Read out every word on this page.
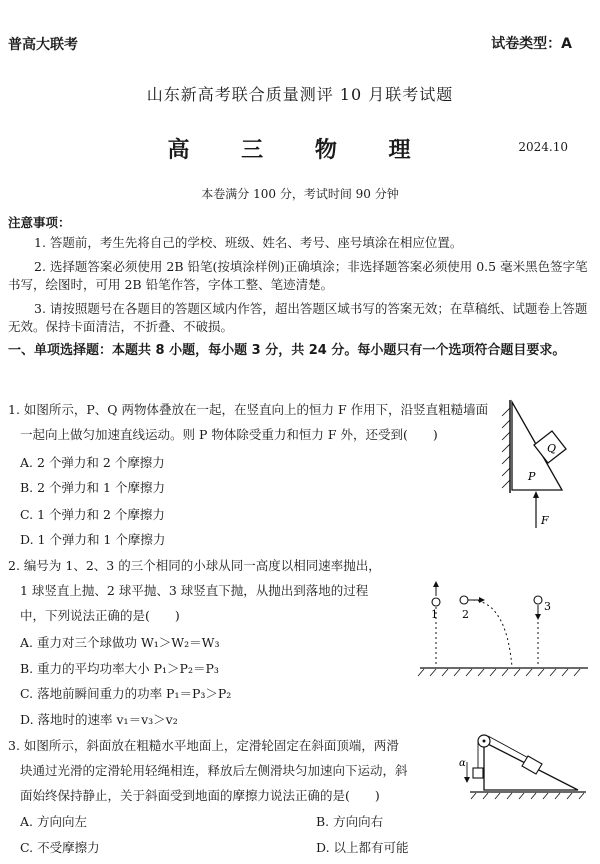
普高大联考	试卷类型：A
山东新高考联合质量测评 10 月联考试题
高 三 物 理	2024.10
本卷满分 100 分，考试时间 90 分钟
注意事项：
1. 答题前，考生先将自己的学校、班级、姓名、考号、座号填涂在相应位置。
2. 选择题答案必须使用 2B 铅笔(按填涂样例)正确填涂；非选择题答案必须使用 0.5 毫米黑色签字笔书写，绘图时，可用 2B 铅笔作答，字体工整、笔迹清楚。
3. 请按照题号在各题目的答题区域内作答，超出答题区域书写的答案无效；在草稿纸、试题卷上答题无效。保持卡面清洁，不折叠、不破损。
一、单项选择题：本题共 8 小题，每小题 3 分，共 24 分。每小题只有一个选项符合题目要求。
1. 如图所示，P、Q 两物体叠放在一起，在竖直向上的恒力 F 作用下，沿竖直粗糙墙面
一起向上做匀加速直线运动。则 P 物体除受重力和恒力 F 外，还受到(　　)
A. 2 个弹力和 2 个摩擦力
B. 2 个弹力和 1 个摩擦力
C. 1 个弹力和 2 个摩擦力
D. 1 个弹力和 1 个摩擦力
Q
P
F
2. 编号为 1、2、3 的三个相同的小球从同一高度以相同速率抛出，
1 球竖直上抛、2 球平抛、3 球竖直下抛，从抛出到落地的过程
中，下列说法正确的是(　　)
A. 重力对三个球做功 W₁＞W₂＝W₃
B. 重力的平均功率大小 P₁＞P₂＝P₃
C. 落地前瞬间重力的功率 P₁＝P₃＞P₂
D. 落地时的速率 v₁＝v₃＞v₂
1 2
3
3. 如图所示，斜面放在粗糙水平地面上，定滑轮固定在斜面顶端，两滑
块通过光滑的定滑轮用轻绳相连，释放后左侧滑块匀加速向下运动，斜
面始终保持静止，关于斜面受到地面的摩擦力说法正确的是(　　)
A. 方向向左	B. 方向向右
C. 不受摩擦力	D. 以上都有可能
α
